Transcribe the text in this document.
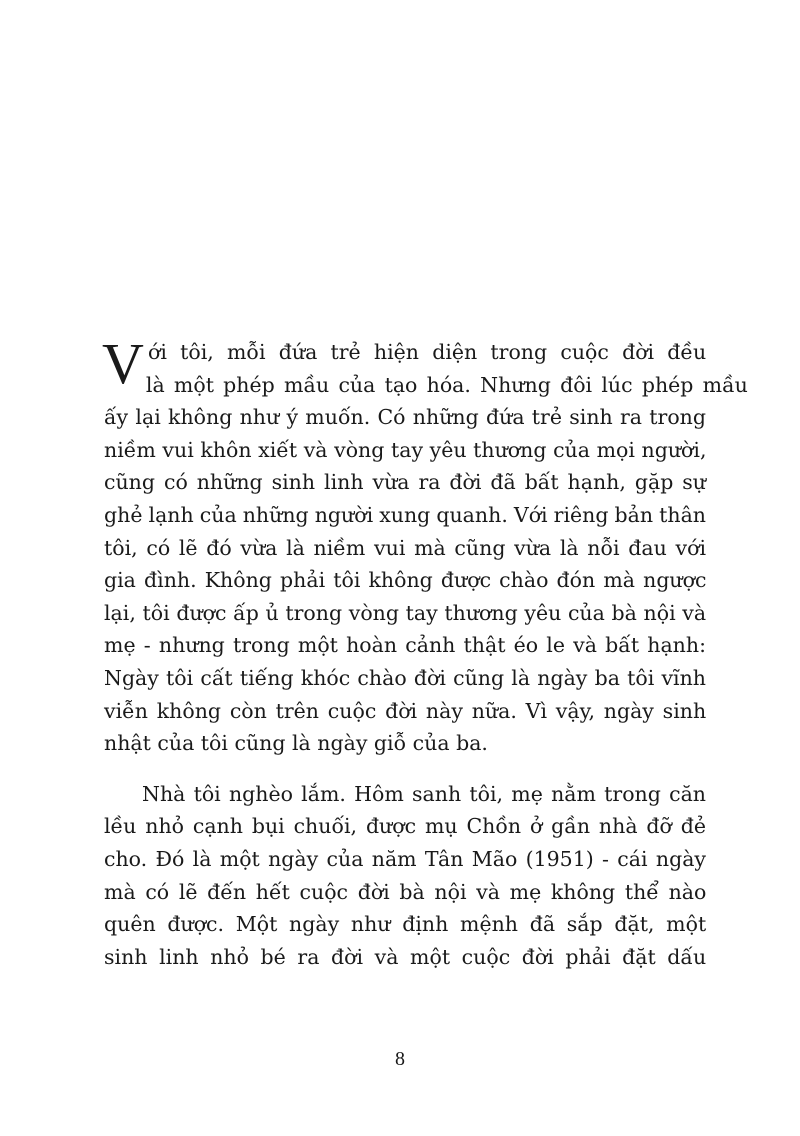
V ới tôi, mỗi đứa trẻ hiện diện trong cuộc đời đều
là một phép mầu của tạo hóa. Nhưng đôi lúc phép mầu
ấy lại không như ý muốn. Có những đứa trẻ sinh ra trong
niềm vui khôn xiết và vòng tay yêu thương của mọi người,
cũng có những sinh linh vừa ra đời đã bất hạnh, gặp sự
ghẻ lạnh của những người xung quanh. Với riêng bản thân
tôi, có lẽ đó vừa là niềm vui mà cũng vừa là nỗi đau với
gia đình. Không phải tôi không được chào đón mà ngược
lại, tôi được ấp ủ trong vòng tay thương yêu của bà nội và
mẹ - nhưng trong một hoàn cảnh thật éo le và bất hạnh:
Ngày tôi cất tiếng khóc chào đời cũng là ngày ba tôi vĩnh
viễn không còn trên cuộc đời này nữa. Vì vậy, ngày sinh
nhật của tôi cũng là ngày giỗ của ba.
Nhà tôi nghèo lắm. Hôm sanh tôi, mẹ nằm trong căn
lều nhỏ cạnh bụi chuối, được mụ Chồn ở gần nhà đỡ đẻ
cho. Đó là một ngày của năm Tân Mão (1951) - cái ngày
mà có lẽ đến hết cuộc đời bà nội và mẹ không thể nào
quên được. Một ngày như định mệnh đã sắp đặt, một
sinh linh nhỏ bé ra đời và một cuộc đời phải đặt dấu
8
